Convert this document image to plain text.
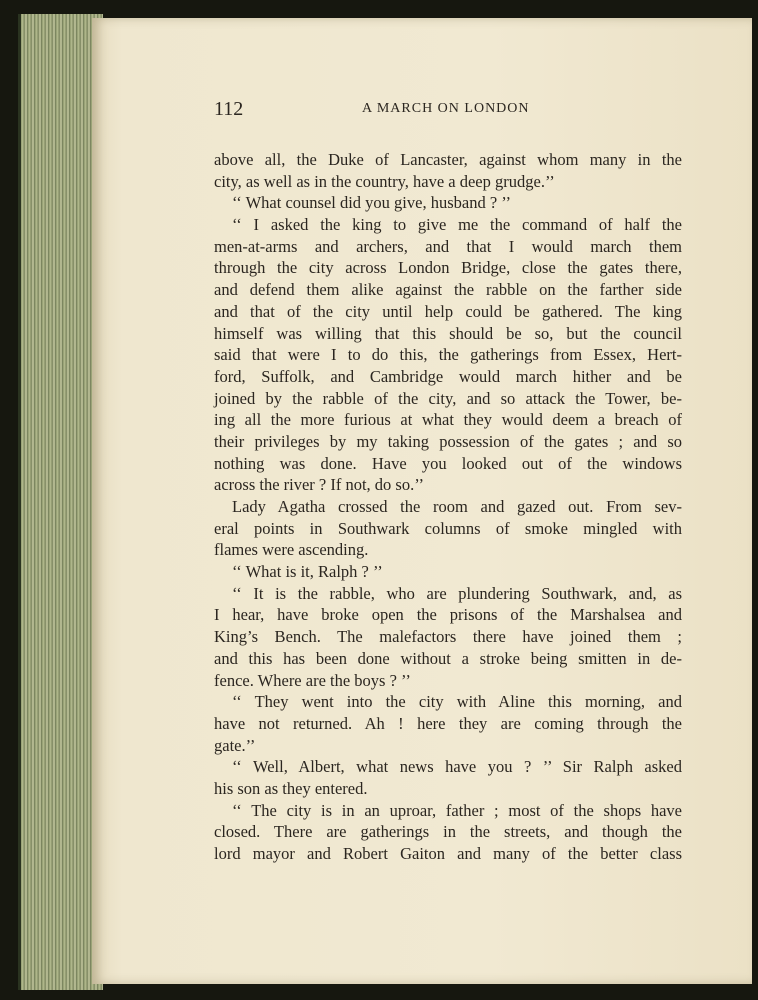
112	A MARCH ON LONDON
above all, the Duke of Lancaster, against whom many in the
city, as well as in the country, have a deep grudge.’’
‘‘ What counsel did you give, husband ? ’’
‘‘ I asked the king to give me the command of half the
men-at-arms and archers, and that I would march them
through the city across London Bridge, close the gates there,
and defend them alike against the rabble on the farther side
and that of the city until help could be gathered. The king
himself was willing that this should be so, but the council
said that were I to do this, the gatherings from Essex, Hert-
ford, Suffolk, and Cambridge would march hither and be
joined by the rabble of the city, and so attack the Tower, be-
ing all the more furious at what they would deem a breach of
their privileges by my taking possession of the gates ; and so
nothing was done. Have you looked out of the windows
across the river ? If not, do so.’’
Lady Agatha crossed the room and gazed out. From sev-
eral points in Southwark columns of smoke mingled with
flames were ascending.
‘‘ What is it, Ralph ? ’’
‘‘ It is the rabble, who are plundering Southwark, and, as
I hear, have broke open the prisons of the Marshalsea and
King’s Bench. The malefactors there have joined them ;
and this has been done without a stroke being smitten in de-
fence. Where are the boys ? ’’
‘‘ They went into the city with Aline this morning, and
have not returned. Ah ! here they are coming through the
gate.’’
‘‘ Well, Albert, what news have you ? ’’ Sir Ralph asked
his son as they entered.
‘‘ The city is in an uproar, father ; most of the shops have
closed. There are gatherings in the streets, and though the
lord mayor and Robert Gaiton and many of the better class
